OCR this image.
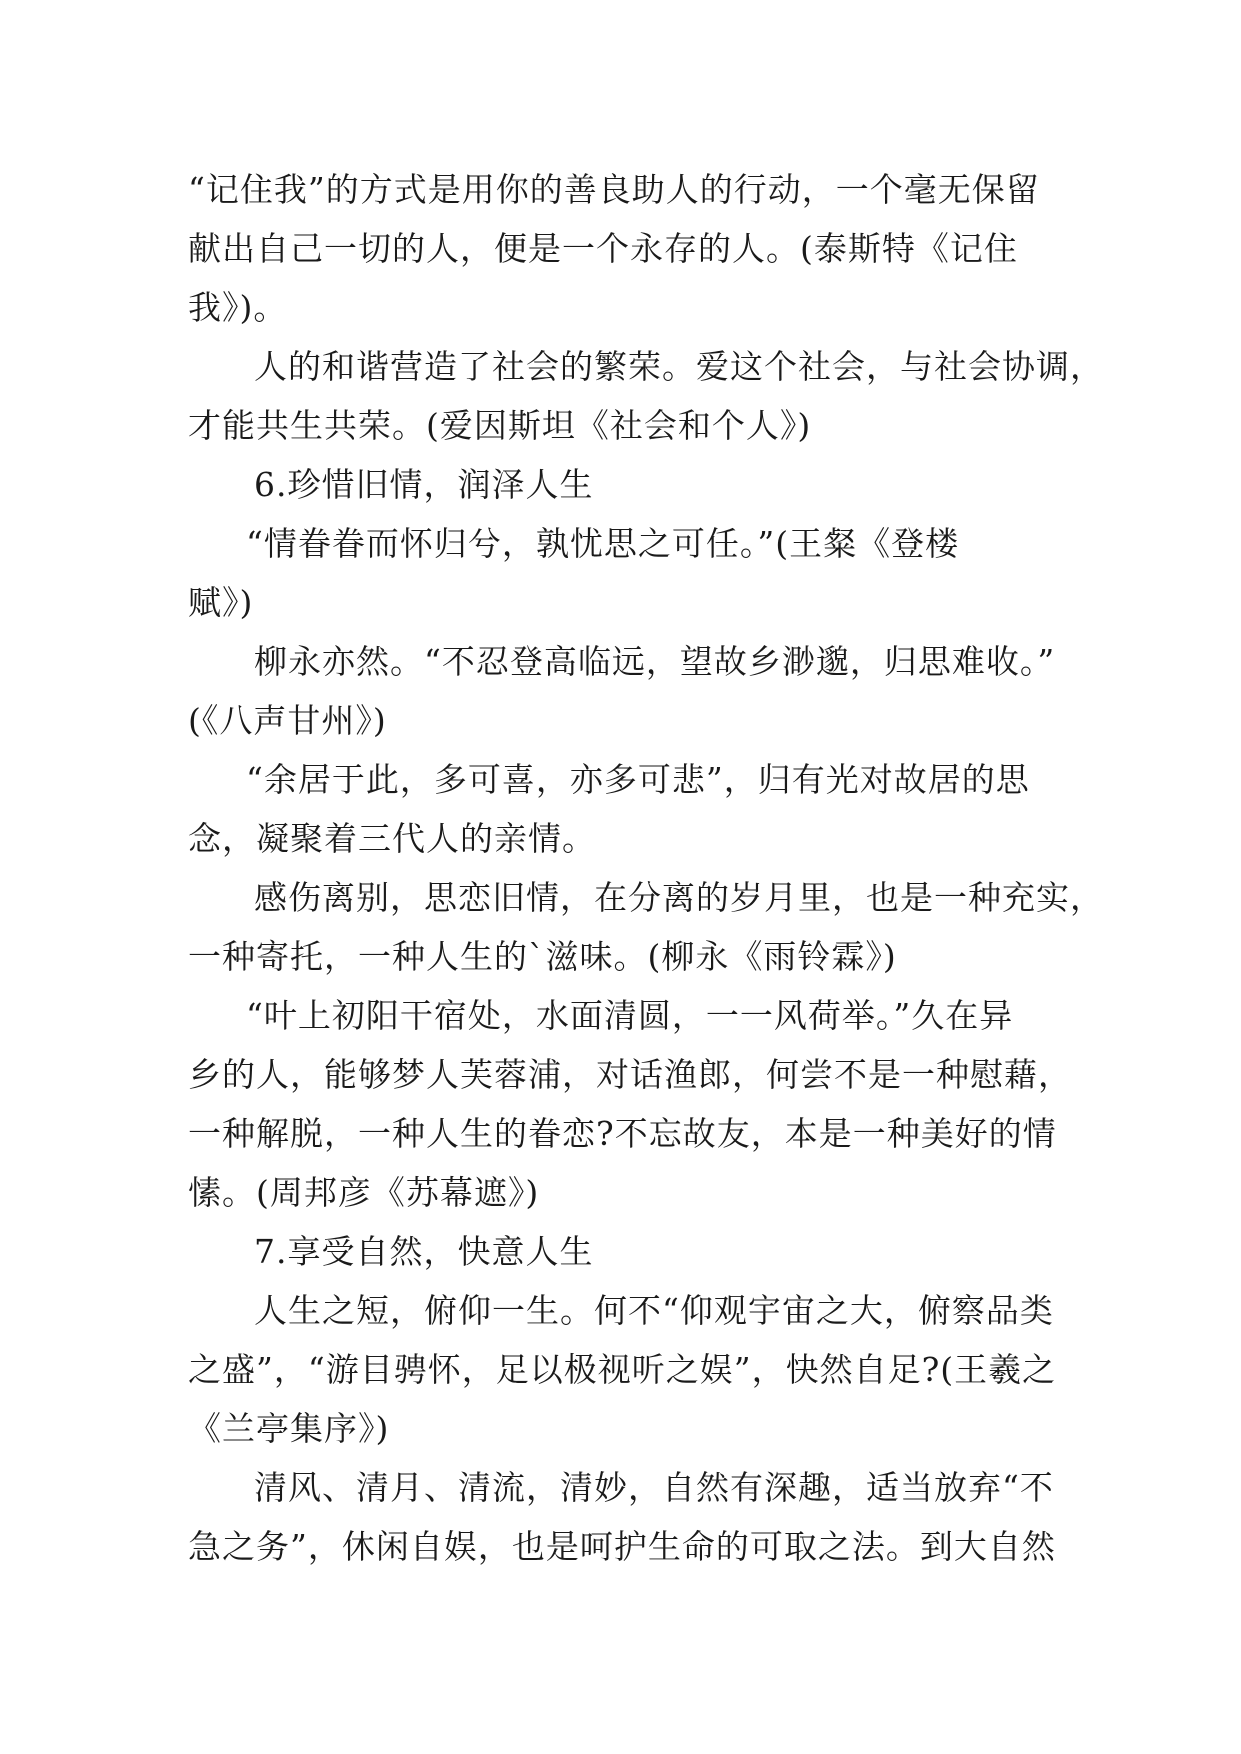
“记住我”的方式是用你的善良助人的行动，一个毫无保留
献出自己一切的人，便是一个永存的人。(泰斯特《记住
我》)。

人的和谐营造了社会的繁荣。爱这个社会，与社会协调，
才能共生共荣。(爱因斯坦《社会和个人》)

6.珍惜旧情，润泽人生

“情眷眷而怀归兮，孰忧思之可任。”(王粲《登楼
赋》)

柳永亦然。“不忍登高临远，望故乡渺邈，归思难收。”
(《八声甘州》)

“余居于此，多可喜，亦多可悲”，归有光对故居的思
念，凝聚着三代人的亲情。

感伤离别，思恋旧情，在分离的岁月里，也是一种充实，
一种寄托，一种人生的`滋味。(柳永《雨铃霖》)

“叶上初阳干宿处，水面清圆，一一风荷举。”久在异
乡的人，能够梦人芙蓉浦，对话渔郎，何尝不是一种慰藉，
一种解脱，一种人生的眷恋?不忘故友，本是一种美好的情
愫。(周邦彦《苏幕遮》)

7.享受自然，快意人生

人生之短，俯仰一生。何不“仰观宇宙之大，俯察品类
之盛”，“游目骋怀，足以极视听之娱”，快然自足?(王羲之
《兰亭集序》)

清风、清月、清流，清妙，自然有深趣，适当放弃“不
急之务”，休闲自娱，也是呵护生命的可取之法。到大自然
